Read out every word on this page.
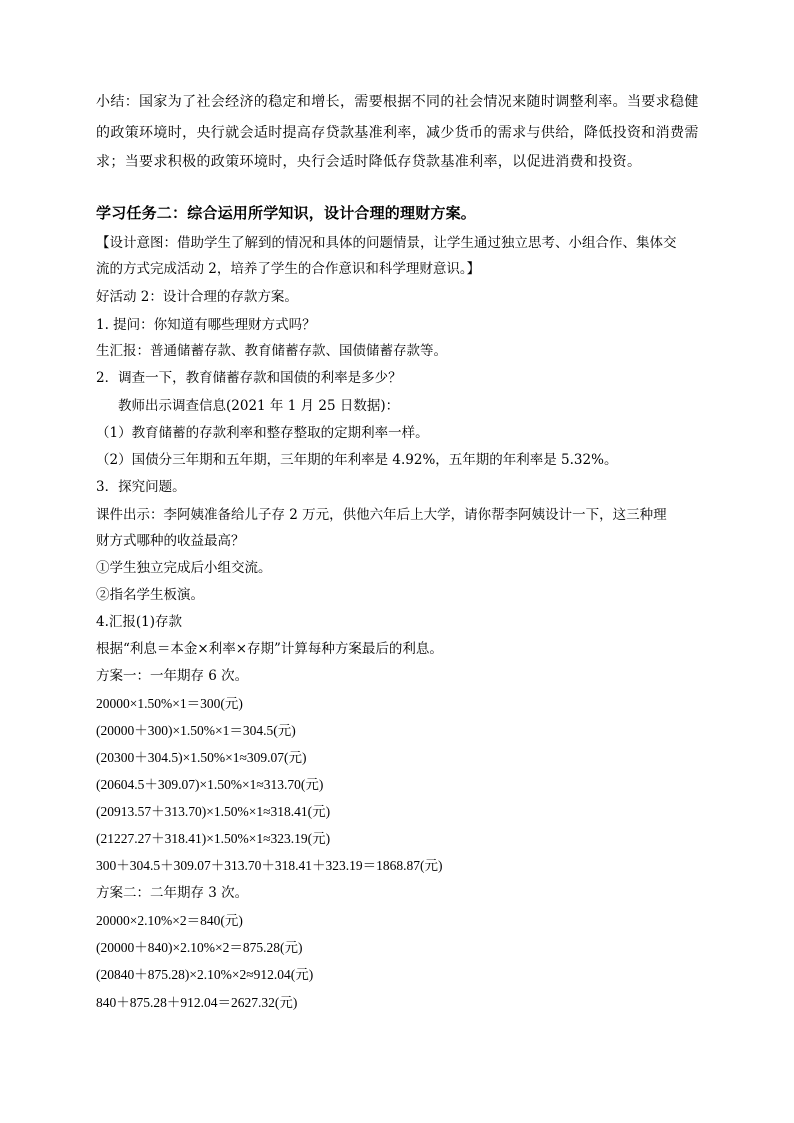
小结：国家为了社会经济的稳定和增长，需要根据不同的社会情况来随时调整利率。当要求稳健
的政策环境时，央行就会适时提高存贷款基准利率，减少货币的需求与供给，降低投资和消费需
求；当要求积极的政策环境时，央行会适时降低存贷款基准利率，以促进消费和投资。
学习任务二：综合运用所学知识，设计合理的理财方案。
【设计意图：借助学生了解到的情况和具体的问题情景，让学生通过独立思考、小组合作、集体交
流的方式完成活动 2，培养了学生的合作意识和科学理财意识。】
好活动 2：设计合理的存款方案。
1. 提问：你知道有哪些理财方式吗？
生汇报：普通储蓄存款、教育储蓄存款、国债储蓄存款等。
2．调查一下，教育储蓄存款和国债的利率是多少？
教师出示调查信息(2021 年 1 月 25 日数据)：
（1）教育储蓄的存款利率和整存整取的定期利率一样。
（2）国债分三年期和五年期，三年期的年利率是 4.92%，五年期的年利率是 5.32%。
3．探究问题。
课件出示：李阿姨准备给儿子存 2 万元，供他六年后上大学，请你帮李阿姨设计一下，这三种理
财方式哪种的收益最高？
①学生独立完成后小组交流。
②指名学生板演。
4.汇报(1)存款
根据“利息＝本金×利率×存期”计算每种方案最后的利息。
方案一：一年期存 6 次。
20000×1.50%×1＝300(元)
(20000＋300)×1.50%×1＝304.5(元)
(20300＋304.5)×1.50%×1≈309.07(元)
(20604.5＋309.07)×1.50%×1≈313.70(元)
(20913.57＋313.70)×1.50%×1≈318.41(元)
(21227.27＋318.41)×1.50%×1≈323.19(元)
300＋304.5＋309.07＋313.70＋318.41＋323.19＝1868.87(元)
方案二：二年期存 3 次。
20000×2.10%×2＝840(元)
(20000＋840)×2.10%×2＝875.28(元)
(20840＋875.28)×2.10%×2≈912.04(元)
840＋875.28＋912.04＝2627.32(元)
